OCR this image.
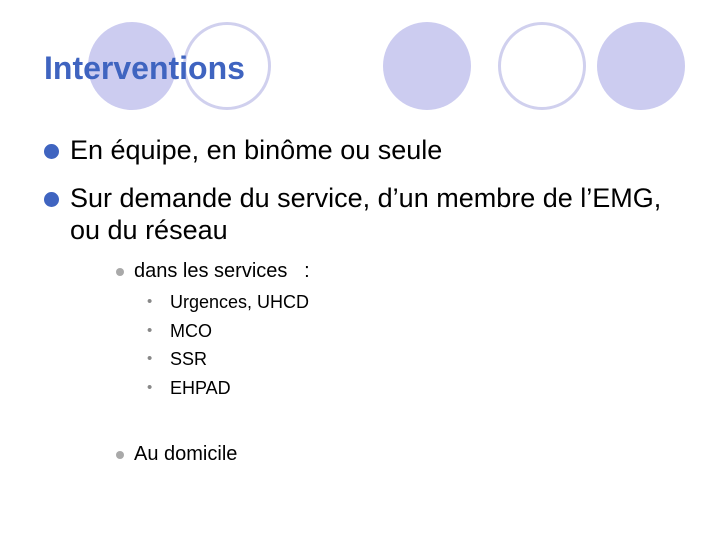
Interventions
En équipe, en binôme ou seule
Sur demande du service, d’un membre de l’EMG, ou du réseau
dans les services   :
• Urgences, UHCD
• MCO
• SSR
• EHPAD
Au domicile
